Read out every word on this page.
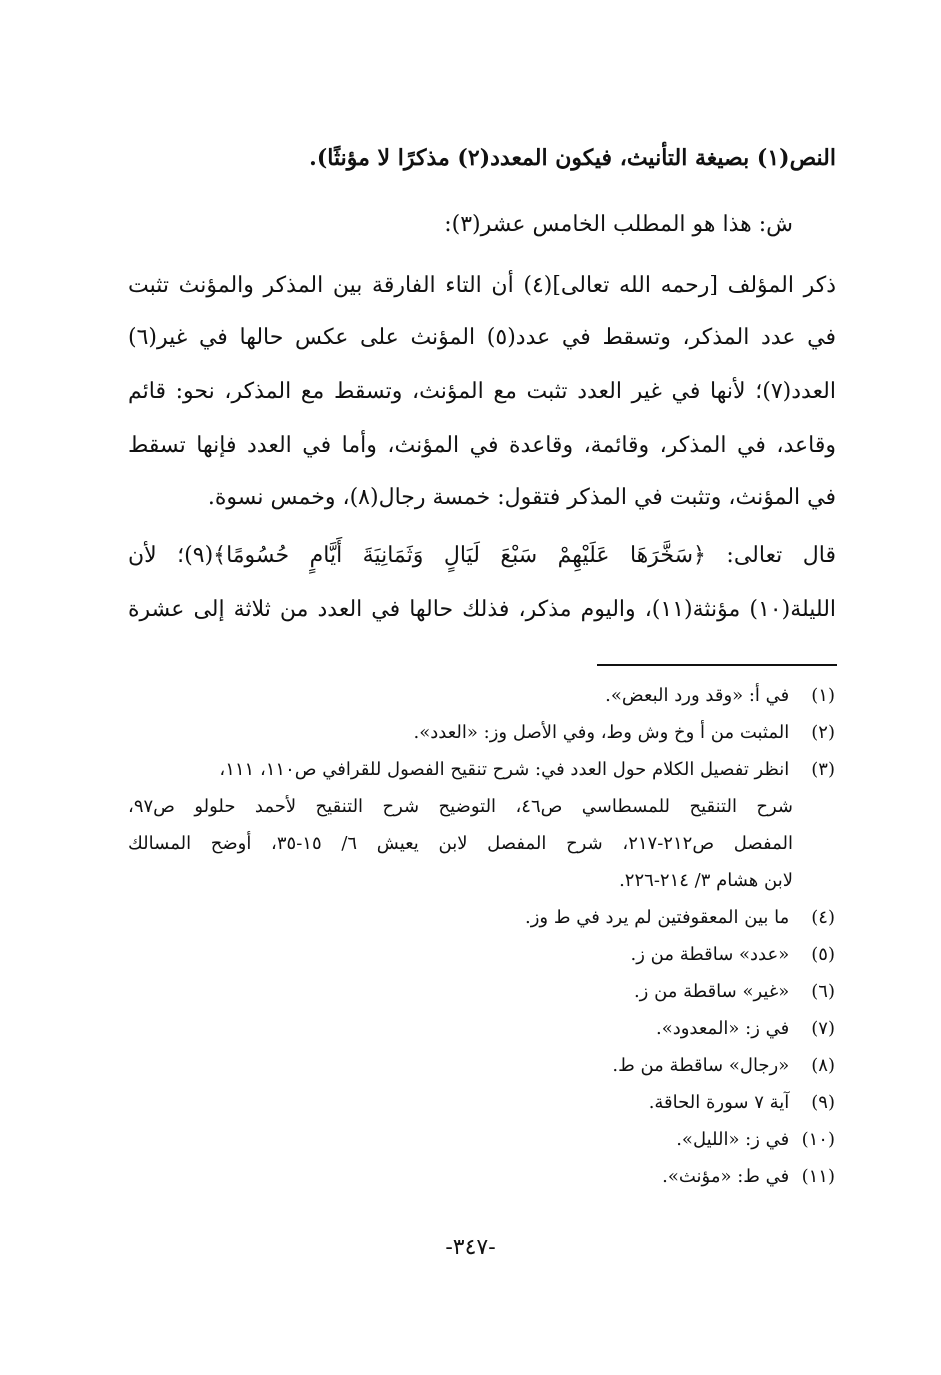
النص(١) بصيغة التأنيث، فيكون المعدد(٢) مذكرًا لا مؤنثًا).
ش: هذا هو المطلب الخامس عشر(٣):
ذكر المؤلف [رحمه الله تعالى](٤) أن التاء الفارقة بين المذكر والمؤنث تثبت
في عدد المذكر، وتسقط في عدد(٥) المؤنث على عكس حالها في غير(٦)
العدد(٧)؛ لأنها في غير العدد تثبت مع المؤنث، وتسقط مع المذكر، نحو: قائم
وقاعد، في المذكر، وقائمة، وقاعدة في المؤنث، وأما في العدد فإنها تسقط
في المؤنث، وتثبت في المذكر فتقول: خمسة رجال(٨)، وخمس نسوة.
قال تعالى: ﴿سَخَّرَهَا عَلَيْهِمْ سَبْعَ لَيَالٍ وَثَمَانِيَةَ أَيَّامٍ حُسُومًا﴾(٩)؛ لأن
الليلة(١٠) مؤنثة(١١)، واليوم مذكر، فذلك حالها في العدد من ثلاثة إلى عشرة
(١) في أ: «وقد ورد البعض».
(٢) المثبت من أ وخ وش وط، وفي الأصل وز: «العدد».
(٣) انظر تفصيل الكلام حول العدد في: شرح تنقيح الفصول للقرافي ص١١٠، ١١١،
شرح التنقيح للمسطاسي ص٤٦، التوضيح شرح التنقيح لأحمد حلولو ص٩٧،
المفصل ص٢١٢-٢١٧، شرح المفصل لابن يعيش ٦/ ١٥-٣٥، أوضح المسالك
لابن هشام ٣/ ٢١٤-٢٢٦.
(٤) ما بين المعقوفتين لم يرد في ط وز.
(٥) «عدد» ساقطة من ز.
(٦) «غير» ساقطة من ز.
(٧) في ز: «المعدود».
(٨) «رجال» ساقطة من ط.
(٩) آية ٧ سورة الحاقة.
(١٠) في ز: «الليل».
(١١) في ط: «مؤنث».
-٣٤٧-
